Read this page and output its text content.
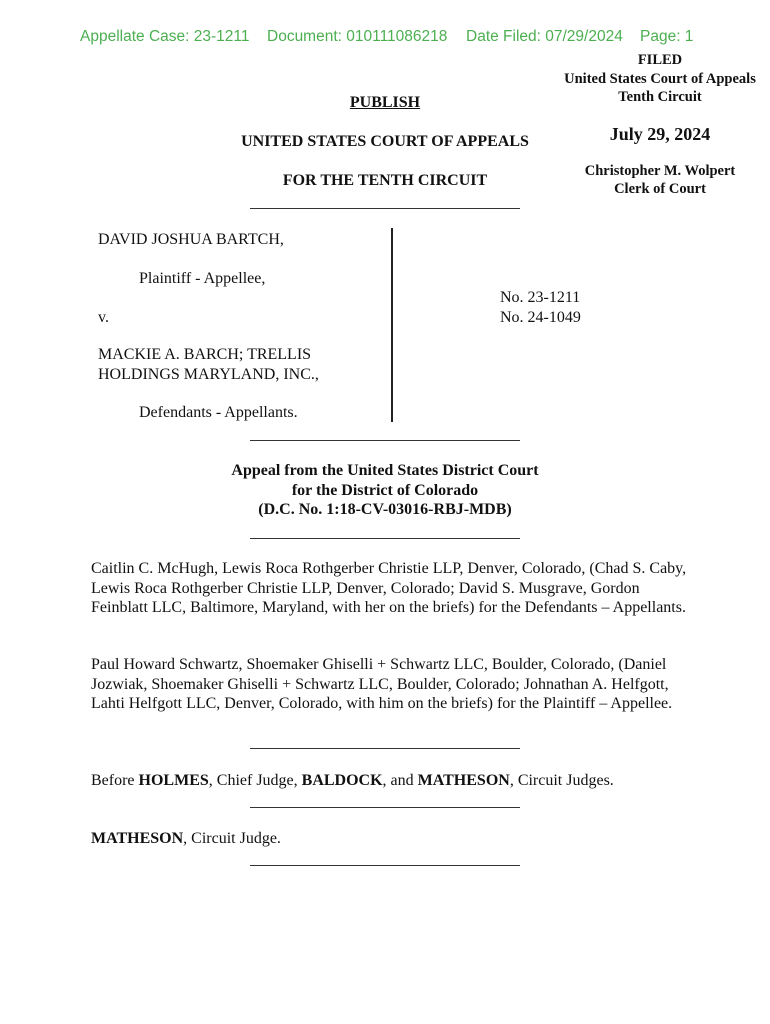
Appellate Case: 23-1211 Document: 010111086218 Date Filed: 07/29/2024 Page: 1
FILED
United States Court of Appeals
Tenth Circuit
July 29, 2024
Christopher M. Wolpert
Clerk of Court
PUBLISH
UNITED STATES COURT OF APPEALS
FOR THE TENTH CIRCUIT
DAVID JOSHUA BARTCH,
Plaintiff - Appellee,
v.
MACKIE A. BARCH; TRELLIS
HOLDINGS MARYLAND, INC.,
Defendants - Appellants.
No. 23-1211
No. 24-1049
Appeal from the United States District Court
for the District of Colorado
(D.C. No. 1:18-CV-03016-RBJ-MDB)
Caitlin C. McHugh, Lewis Roca Rothgerber Christie LLP, Denver, Colorado, (Chad S. Caby, Lewis Roca Rothgerber Christie LLP, Denver, Colorado; David S. Musgrave, Gordon Feinblatt LLC, Baltimore, Maryland, with her on the briefs) for the Defendants – Appellants.
Paul Howard Schwartz, Shoemaker Ghiselli + Schwartz LLC, Boulder, Colorado, (Daniel Jozwiak, Shoemaker Ghiselli + Schwartz LLC, Boulder, Colorado; Johnathan A. Helfgott, Lahti Helfgott LLC, Denver, Colorado, with him on the briefs) for the Plaintiff – Appellee.
Before HOLMES, Chief Judge, BALDOCK, and MATHESON, Circuit Judges.
MATHESON, Circuit Judge.
